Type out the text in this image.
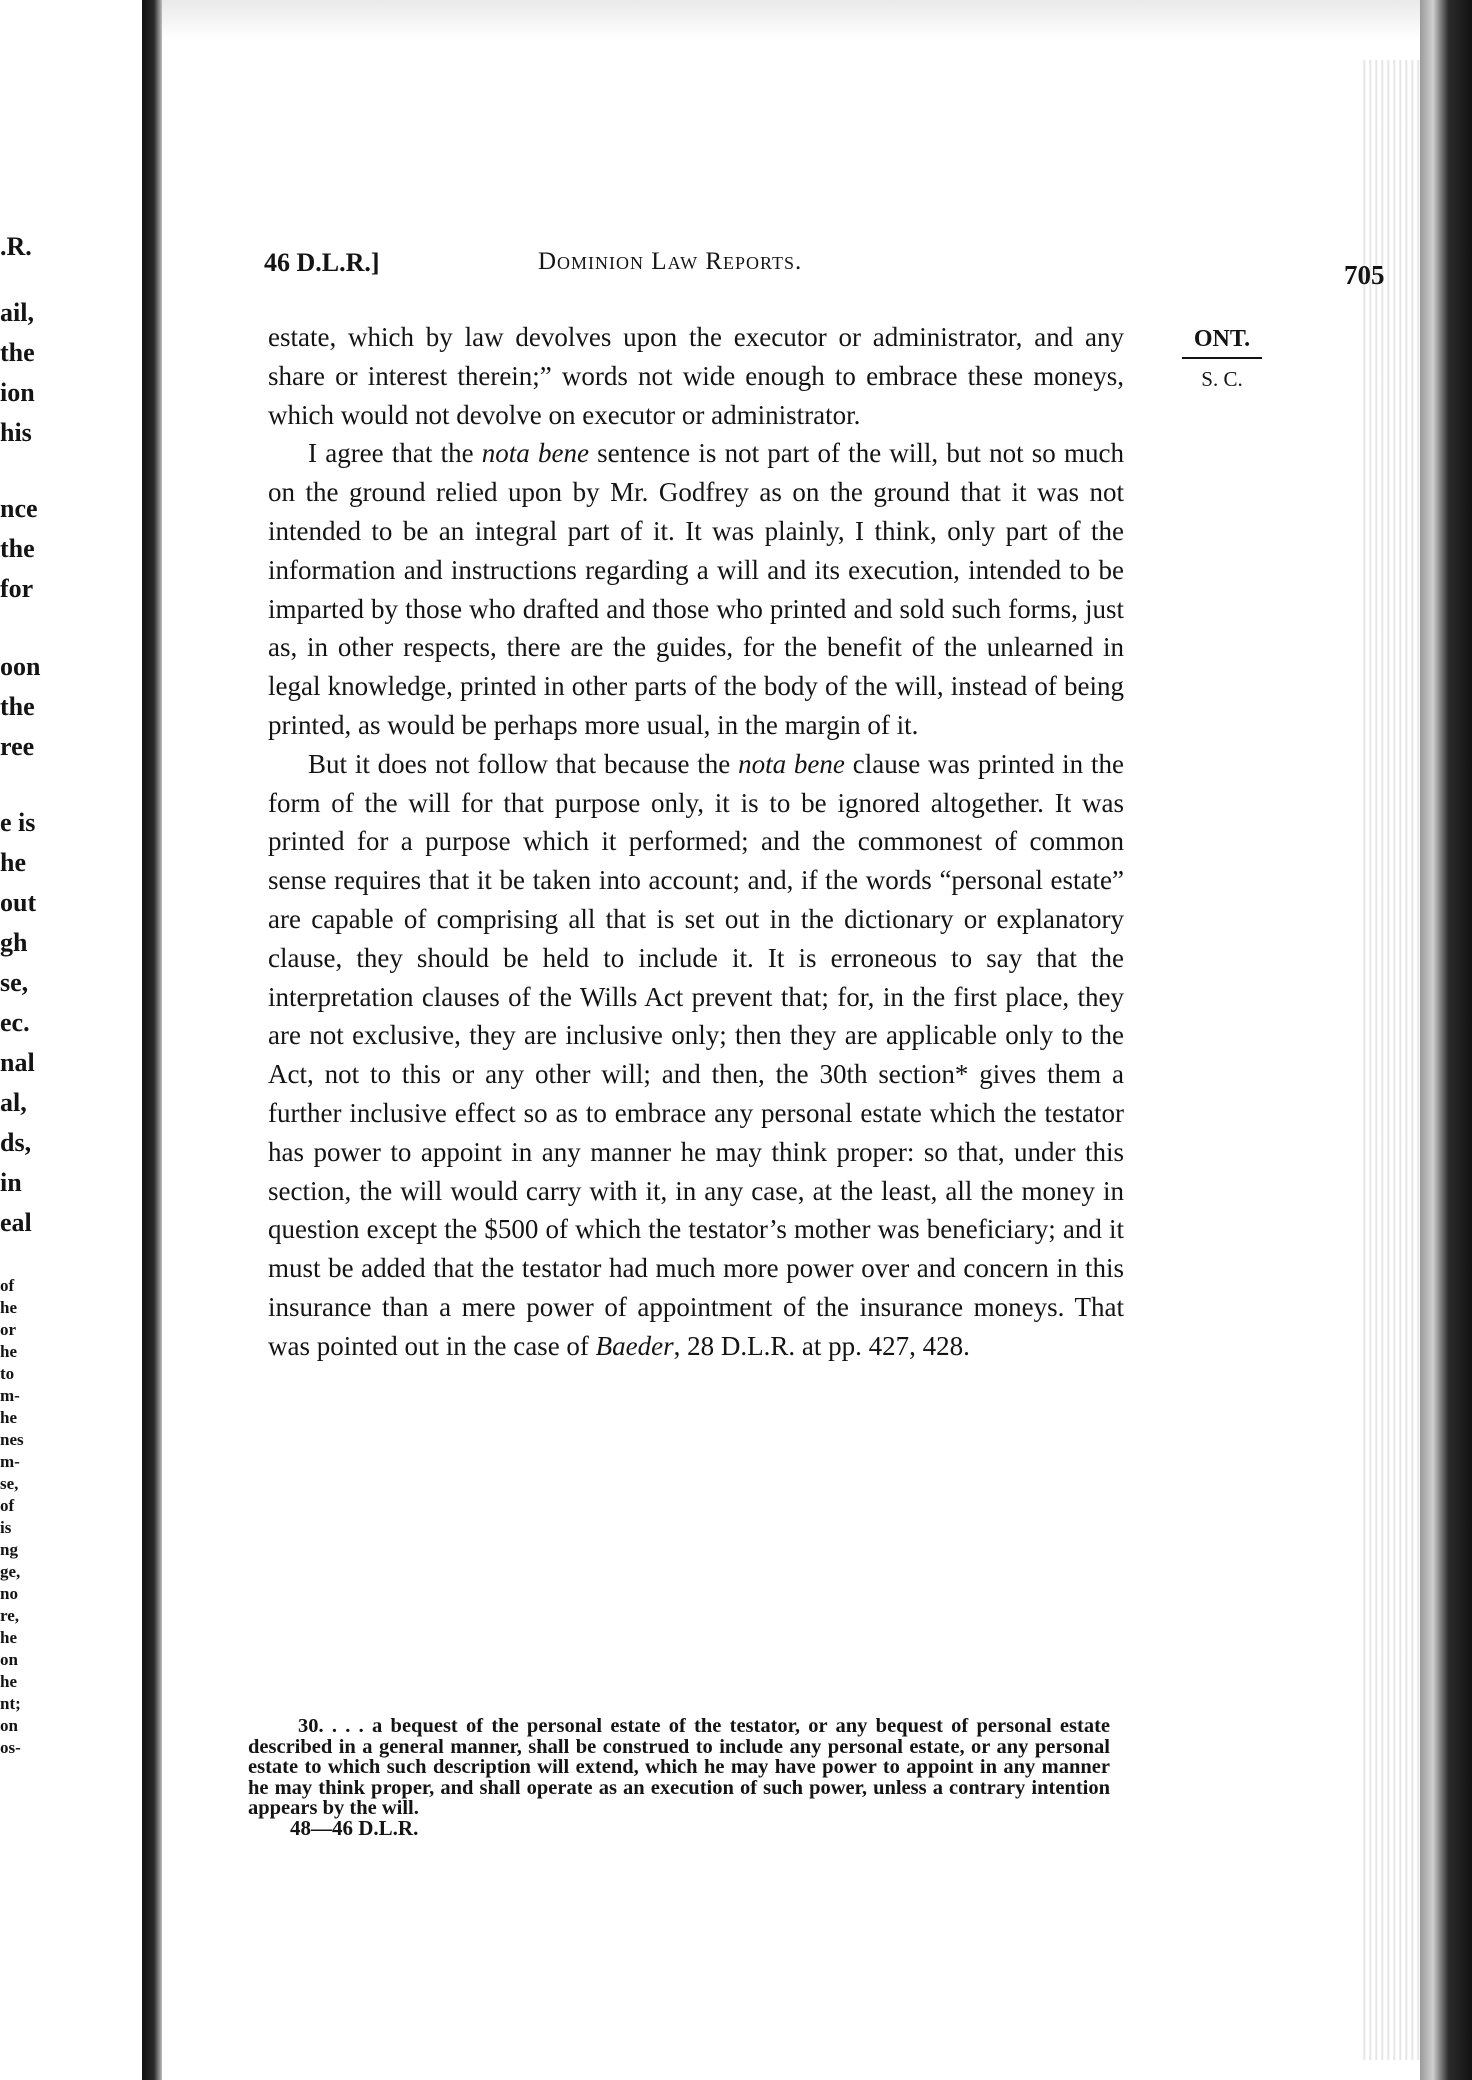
.R.
ail,
the
ion
his
nce
the
for
oon
the
ree
e is
he
out
gh
se,
ec.
nal
al,
ds,
in
eal
of
he
or
he
to
m-
he
nes
m-
se,
of
is
ng
ge,
no
re,
he
on
he
nt;
on
os-
46 D.L.R.]	Dominion Law Reports.	705
ONT.
S. C.

estate, which by law devolves upon the executor or administrator, and any share or interest therein;” words not wide enough to embrace these moneys, which would not devolve on executor or administrator.

I agree that the nota bene sentence is not part of the will, but not so much on the ground relied upon by Mr. Godfrey as on the ground that it was not intended to be an integral part of it. It was plainly, I think, only part of the information and instructions regarding a will and its execution, intended to be imparted by those who drafted and those who printed and sold such forms, just as, in other respects, there are the guides, for the benefit of the unlearned in legal knowledge, printed in other parts of the body of the will, instead of being printed, as would be perhaps more usual, in the margin of it.

But it does not follow that because the nota bene clause was printed in the form of the will for that purpose only, it is to be ignored altogether. It was printed for a purpose which it performed; and the commonest of common sense requires that it be taken into account; and, if the words “personal estate” are capable of comprising all that is set out in the dictionary or explanatory clause, they should be held to include it. It is erroneous to say that the interpretation clauses of the Wills Act prevent that; for, in the first place, they are not exclusive, they are inclusive only; then they are applicable only to the Act, not to this or any other will; and then, the 30th section* gives them a further inclusive effect so as to embrace any personal estate which the testator has power to appoint in any manner he may think proper: so that, under this section, the will would carry with it, in any case, at the least, all the money in question except the $500 of which the testator’s mother was beneficiary; and it must be added that the testator had much more power over and concern in this insurance than a mere power of appointment of the insurance moneys. That was pointed out in the case of Baeder, 28 D.L.R. at pp. 427, 428.

30. . . . a bequest of the personal estate of the testator, or any bequest of personal estate described in a general manner, shall be construed to include any personal estate, or any personal estate to which such description will extend, which he may have power to appoint in any manner he may think proper, and shall operate as an execution of such power, unless a contrary intention appears by the will.

48—46 D.L.R.
